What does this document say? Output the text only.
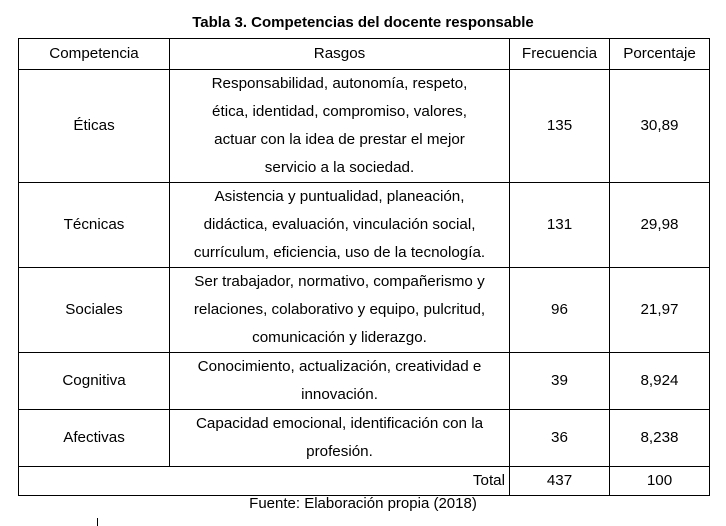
Tabla 3. Competencias del docente responsable
Competencia	Rasgos	Frecuencia	Porcentaje
Éticas	Responsabilidad, autonomía, respeto,
ética, identidad, compromiso, valores,
actuar con la idea de prestar el mejor
servicio a la sociedad.	135	30,89
Técnicas	Asistencia y puntualidad, planeación,
didáctica, evaluación, vinculación social,
currículum, eficiencia, uso de la tecnología.	131	29,98
Sociales	Ser trabajador, normativo, compañerismo y
relaciones, colaborativo y equipo, pulcritud,
comunicación y liderazgo.	96	21,97
Cognitiva	Conocimiento, actualización, creatividad e
innovación.	39	8,924
Afectivas	Capacidad emocional, identificación con la
profesión.	36	8,238
Total		437	100
Fuente: Elaboración propia (2018)
